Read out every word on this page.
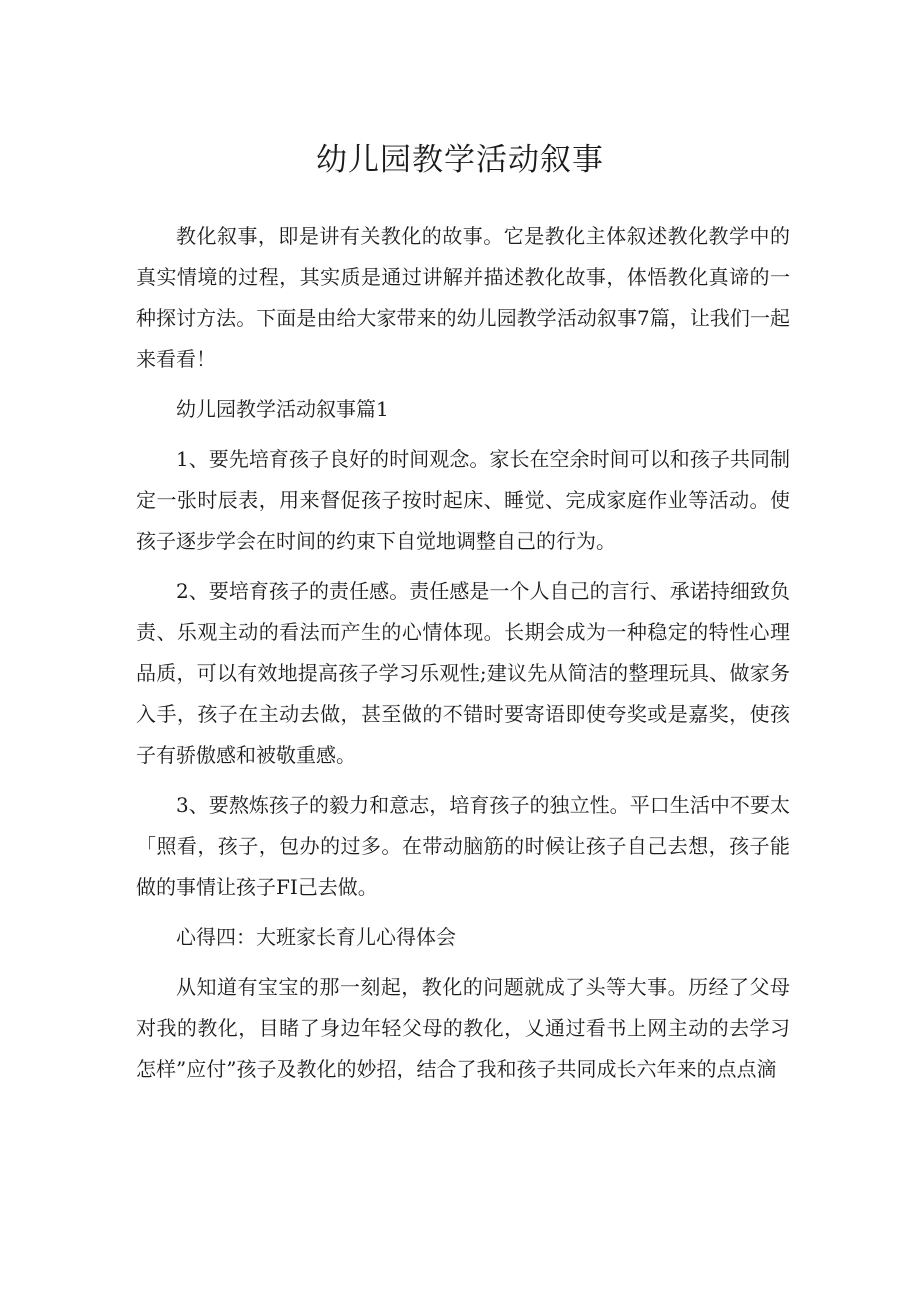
幼儿园教学活动叙事

教化叙事，即是讲有关教化的故事。它是教化主体叙述教化教学中的真实情境的过程，其实质是通过讲解并描述教化故事，体悟教化真谛的一种探讨方法。下面是由给大家带来的幼儿园教学活动叙事7篇，让我们一起来看看！

幼儿园教学活动叙事篇1

1、要先培育孩子良好的时间观念。家长在空余时间可以和孩子共同制定一张时辰表，用来督促孩子按时起床、睡觉、完成家庭作业等活动。使孩子逐步学会在时间的约束下自觉地调整自己的行为。

2、要培育孩子的责任感。责任感是一个人自己的言行、承诺持细致负责、乐观主动的看法而产生的心情体现。长期会成为一种稳定的特性心理品质，可以有效地提高孩子学习乐观性;建议先从简洁的整理玩具、做家务入手，孩子在主动去做，甚至做的不错时要寄语即使夸奖或是嘉奖，使孩子有骄傲感和被敬重感。

3、要熬炼孩子的毅力和意志，培育孩子的独立性。平口生活中不要太「照看，孩子，包办的过多。在带动脑筋的时候让孩子自己去想，孩子能做的事情让孩子FI己去做。

心得四：大班家长育儿心得体会

从知道有宝宝的那一刻起，教化的问题就成了头等大事。历经了父母对我的教化，目睹了身边年轻父母的教化，乂通过看书上网主动的去学习怎样”应付”孩子及教化的妙招，结合了我和孩子共同成长六年来的点点滴
